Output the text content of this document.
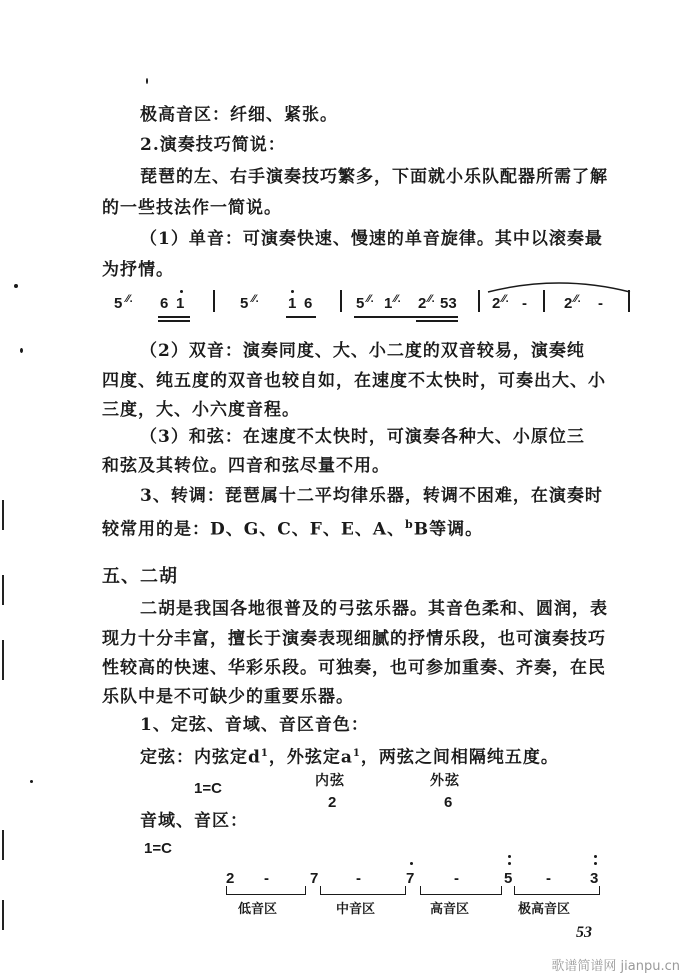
极高音区：纤细、紧张。
2.演奏技巧简说：
琵琶的左、右手演奏技巧繁多，下面就小乐队配器所需了解
的一些技法作一简说。
（1）单音：可演奏快速、慢速的单音旋律。其中以滚奏最
为抒情。
5 ⁄⁄. 6 1	5 ⁄⁄. 1 6	5 ⁄⁄. 1 ⁄⁄. 2 ⁄⁄. 53 2 ⁄⁄. - 2 ⁄⁄. -
（2）双音：演奏同度、大、小二度的双音较易，演奏纯
四度、纯五度的双音也较自如，在速度不太快时，可奏出大、小
三度，大、小六度音程。
（3）和弦：在速度不太快时，可演奏各种大、小原位三
和弦及其转位。四音和弦尽量不用。
3、转调：琵琶属十二平均律乐器，转调不困难，在演奏时
较常用的是：D、G、C、F、E、A、$^b$B等调。
五、二胡
二胡是我国各地很普及的弓弦乐器。其音色柔和、圆润，表
现力十分丰富，擅长于演奏表现细腻的抒情乐段，也可演奏技巧
性较高的快速、华彩乐段。可独奏，也可参加重奏、齐奏，在民
乐队中是不可缺少的重要乐器。
1、定弦、音域、音区音色：
定弦：内弦定$d^1$，外弦定$a^1$，两弦之间相隔纯五度。
1=C	内弦
2
外弦
6
音域、音区：
1=C
2 -	7	-	7	-	5 -	3
低音区	中音区	高音区	极高音区
53
歌谱简谱网 jianpu.cn
